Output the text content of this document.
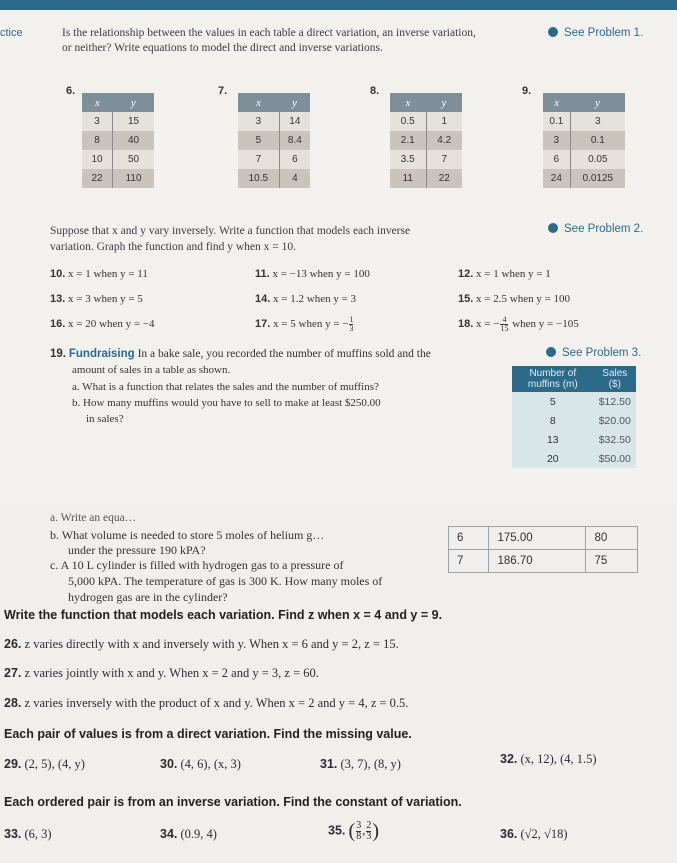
ctice	Is the relationship between the values in each table a direct variation, an inverse variation, or neither? Write equations to model the direct and inverse variations.
See Problem 1.
6.
x	y
3	15
8	40
10	50
22	110
7.
x	y
3	14
5	8.4
7	6
10.5	4
8.
x	y
0.5	1
2.1	4.2
3.5	7
11	22
9.
x	y
0.1	3
3	0.1
6	0.05
24	0.0125
Suppose that x and y vary inversely. Write a function that models each inverse
variation. Graph the function and find y when x = 10.
See Problem 2.
10. x = 1 when y = 11	11. x = −13 when y = 100	12. x = 1 when y = 1
13. x = 3 when y = 5	14. x = 1.2 when y = 3	15. x = 2.5 when y = 100
16. x = 20 when y = −4	17. x = 5 when y = − $\frac{1}{3}$	18. x = − $\frac{4}{15}$ when y = −105
19. Fundraising In a bake sale, you recorded the number of muffins sold and the
amount of sales in a table as shown.
a. What is a function that relates the sales and the number of muffins?
b. How many muffins would you have to sell to make at least $250.00
in sales?
See Problem 3.
Number of muffins (m)	Sales ($)
5	$12.50
8	$20.00
13	$32.50
20	$50.00
a. Write an equa…
b. What volume is needed to store 5 moles of helium g…
under the pressure 190 kPA?
c. A 10 L cylinder is filled with hydrogen gas to a pressure of
5,000 kPA. The temperature of gas is 300 K. How many moles of
hydrogen gas are in the cylinder?
6	175.00	80
7	186.70	75
Write the function that models each variation. Find z when x = 4 and y = 9.
26. z varies directly with x and inversely with y. When x = 6 and y = 2, z = 15.
27. z varies jointly with x and y. When x = 2 and y = 3, z = 60.
28. z varies inversely with the product of x and y. When x = 2 and y = 4, z = 0.5.
Each pair of values is from a direct variation. Find the missing value.
29. (2, 5), (4, y)	30. (4, 6), (x, 3)	31. (3, 7), (8, y)	32. (x, 12), (4, 1.5)
Each ordered pair is from an inverse variation. Find the constant of variation.
33. (6, 3)	34. (0.9, 4)	35. ( $\frac{3}{8}$ , $\frac{2}{3}$ )	36. (√2, √18)
